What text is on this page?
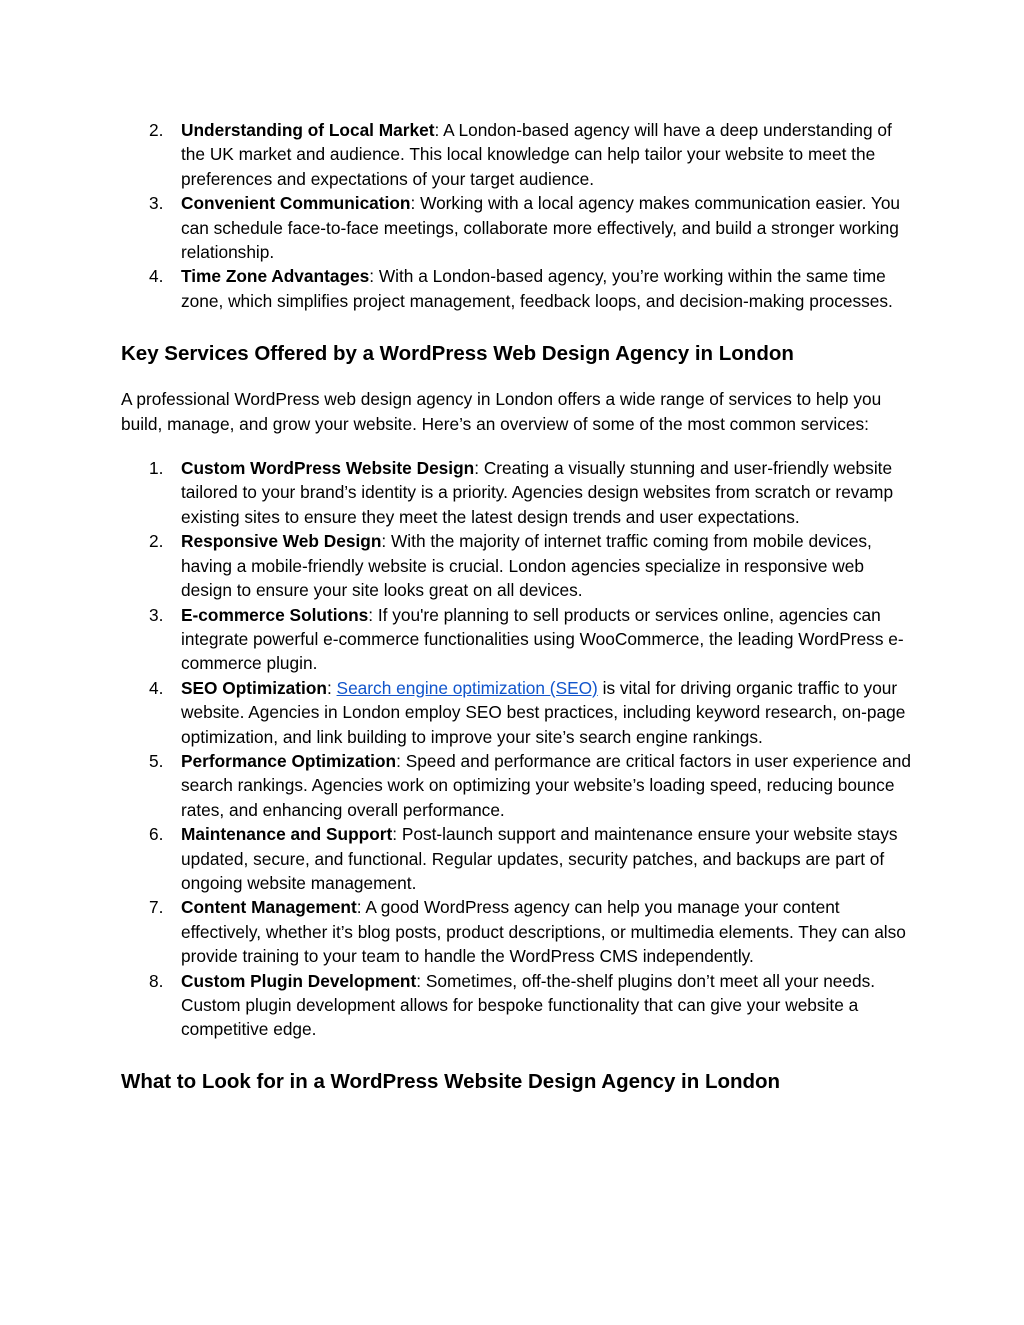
2. Understanding of Local Market: A London-based agency will have a deep understanding of the UK market and audience. This local knowledge can help tailor your website to meet the preferences and expectations of your target audience.
3. Convenient Communication: Working with a local agency makes communication easier. You can schedule face-to-face meetings, collaborate more effectively, and build a stronger working relationship.
4. Time Zone Advantages: With a London-based agency, you’re working within the same time zone, which simplifies project management, feedback loops, and decision-making processes.
Key Services Offered by a WordPress Web Design Agency in London

A professional WordPress web design agency in London offers a wide range of services to help you build, manage, and grow your website. Here’s an overview of some of the most common services:

1. Custom WordPress Website Design: Creating a visually stunning and user-friendly website tailored to your brand’s identity is a priority. Agencies design websites from scratch or revamp existing sites to ensure they meet the latest design trends and user expectations.
2. Responsive Web Design: With the majority of internet traffic coming from mobile devices, having a mobile-friendly website is crucial. London agencies specialize in responsive web design to ensure your site looks great on all devices.
3. E-commerce Solutions: If you're planning to sell products or services online, agencies can integrate powerful e-commerce functionalities using WooCommerce, the leading WordPress e-commerce plugin.
4. SEO Optimization: Search engine optimization (SEO) is vital for driving organic traffic to your website. Agencies in London employ SEO best practices, including keyword research, on-page optimization, and link building to improve your site’s search engine rankings.
5. Performance Optimization: Speed and performance are critical factors in user experience and search rankings. Agencies work on optimizing your website’s loading speed, reducing bounce rates, and enhancing overall performance.
6. Maintenance and Support: Post-launch support and maintenance ensure your website stays updated, secure, and functional. Regular updates, security patches, and backups are part of ongoing website management.
7. Content Management: A good WordPress agency can help you manage your content effectively, whether it’s blog posts, product descriptions, or multimedia elements. They can also provide training to your team to handle the WordPress CMS independently.
8. Custom Plugin Development: Sometimes, off-the-shelf plugins don’t meet all your needs. Custom plugin development allows for bespoke functionality that can give your website a competitive edge.
What to Look for in a WordPress Website Design Agency in London
